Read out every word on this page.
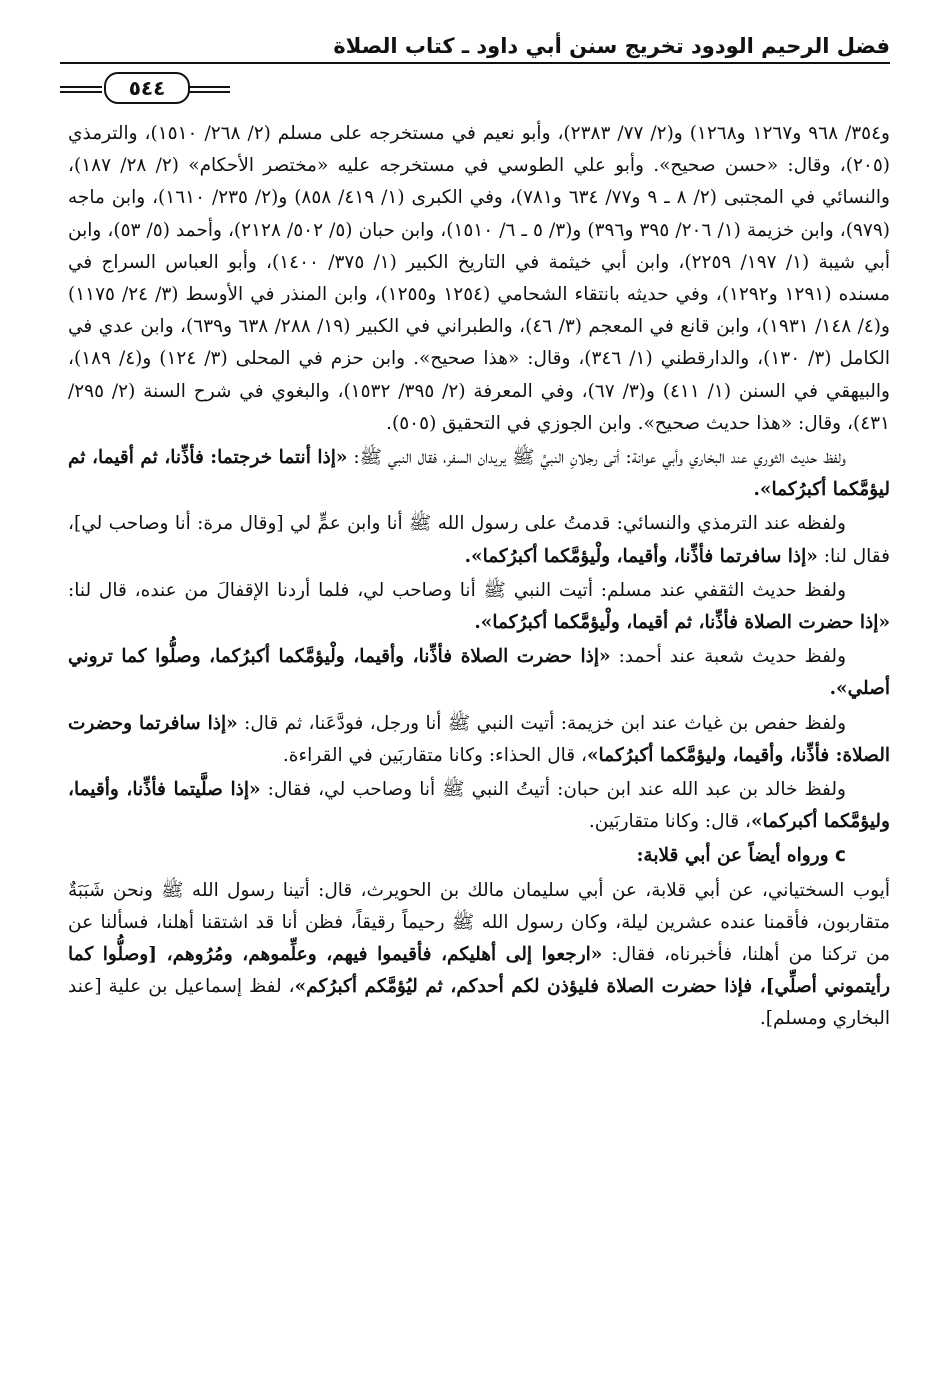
فضل الرحيم الودود تخريج سنن أبي داود ـ كتاب الصلاة
٥٤٤

و٣٥٤/ ٩٦٨ و١٢٦٧ و١٢٦٨) و(٢/ ٧٧/ ٢٣٨٣)، وأبو نعيم في مستخرجه على مسلم (٢/ ٢٦٨/ ١٥١٠)، والترمذي (٢٠٥)، وقال: «حسن صحيح». وأبو علي الطوسي في مستخرجه عليه «مختصر الأحكام» (٢/ ٢٨/ ١٨٧)، والنسائي في المجتبى (٢/ ٨ ـ ٩ و٧٧/ ٦٣٤ و٧٨١)، وفي الكبرى (١/ ٤١٩/ ٨٥٨) و(٢/ ٢٣٥/ ١٦١٠)، وابن ماجه (٩٧٩)، وابن خزيمة (١/ ٢٠٦/ ٣٩٥ و٣٩٦) و(٣/ ٥ ـ ٦/ ١٥١٠)، وابن حبان (٥/ ٥٠٢/ ٢١٢٨)، وأحمد (٥/ ٥٣)، وابن أبي شيبة (١/ ١٩٧/ ٢٢٥٩)، وابن أبي خيثمة في التاريخ الكبير (١/ ٣٧٥/ ١٤٠٠)، وأبو العباس السراج في مسنده (١٢٩١ و١٢٩٢)، وفي حديثه بانتقاء الشحامي (١٢٥٤ و١٢٥٥)، وابن المنذر في الأوسط (٣/ ٢٤/ ١١٧٥) و(٤/ ١٤٨/ ١٩٣١)، وابن قانع في المعجم (٣/ ٤٦)، والطبراني في الكبير (١٩/ ٢٨٨/ ٦٣٨ و٦٣٩)، وابن عدي في الكامل (٣/ ١٣٠)، والدارقطني (١/ ٣٤٦)، وقال: «هذا صحيح». وابن حزم في المحلى (٣/ ١٢٤) و(٤/ ١٨٩)، والبيهقي في السنن (١/ ٤١١) و(٣/ ٦٧)، وفي المعرفة (٢/ ٣٩٥/ ١٥٣٢)، والبغوي في شرح السنة (٢/ ٢٩٥/ ٤٣١)، وقال: «هذا حديث صحيح». وابن الجوزي في التحقيق (٥٠٥).

ولفظ حديث الثوري عند البخاري وأبي عوانة: أتى رجلانِ النبيَّ ﷺ يريدان السفر، فقال النبي ﷺ: «إذا أنتما خرجتما: فأذِّنا، ثم أقيما، ثم ليؤمَّكما أكبرُكما».

ولفظه عند الترمذي والنسائي: قدمتُ على رسول الله ﷺ أنا وابن عمٍّ لي [وقال مرة: أنا وصاحب لي]، فقال لنا: «إذا سافرتما فأذِّنا، وأقيما، ولْيؤمَّكما أكبرُكما».

ولفظ حديث الثقفي عند مسلم: أتيت النبي ﷺ أنا وصاحب لي، فلما أردنا الإقفالَ من عنده، قال لنا: «إذا حضرت الصلاة فأذِّنا، ثم أقيما، ولْيؤمَّكما أكبرُكما».

ولفظ حديث شعبة عند أحمد: «إذا حضرت الصلاة فأذِّنا، وأقيما، ولْيؤمَّكما أكبرُكما، وصلُّوا كما تروني أصلي».

ولفظ حفص بن غياث عند ابن خزيمة: أتيت النبي ﷺ أنا ورجل، فودَّعَنا، ثم قال: «إذا سافرتما وحضرت الصلاة: فأذِّنا، وأقيما، وليؤمَّكما أكبرُكما»، قال الحذاء: وكانا متقاربَين في القراءة.

ولفظ خالد بن عبد الله عند ابن حبان: أتيتُ النبي ﷺ أنا وصاحب لي، فقال: «إذا صلَّيتما فأذِّنا، وأقيما، وليؤمَّكما أكبركما»، قال: وكانا متقاربَين.

c ورواه أيضاً عن أبي قلابة:

أيوب السختياني، عن أبي قلابة، عن أبي سليمان مالك بن الحويرث، قال: أتينا رسول الله ﷺ ونحن شَبَبَةٌ متقاربون، فأقمنا عنده عشرين ليلة، وكان رسول الله ﷺ رحيماً رقيقاً، فظن أنا قد اشتقنا أهلنا، فسألنا عن من تركنا من أهلنا، فأخبرناه، فقال: «ارجعوا إلى أهليكم، فأقيموا فيهم، وعلِّموهم، ومُرُوهم، [وصلُّوا كما رأيتموني أصلِّي]، فإذا حضرت الصلاة فليؤذن لكم أحدكم، ثم ليُؤمَّكم أكبرُكم»، لفظ إسماعيل بن علية [عند البخاري ومسلم].
